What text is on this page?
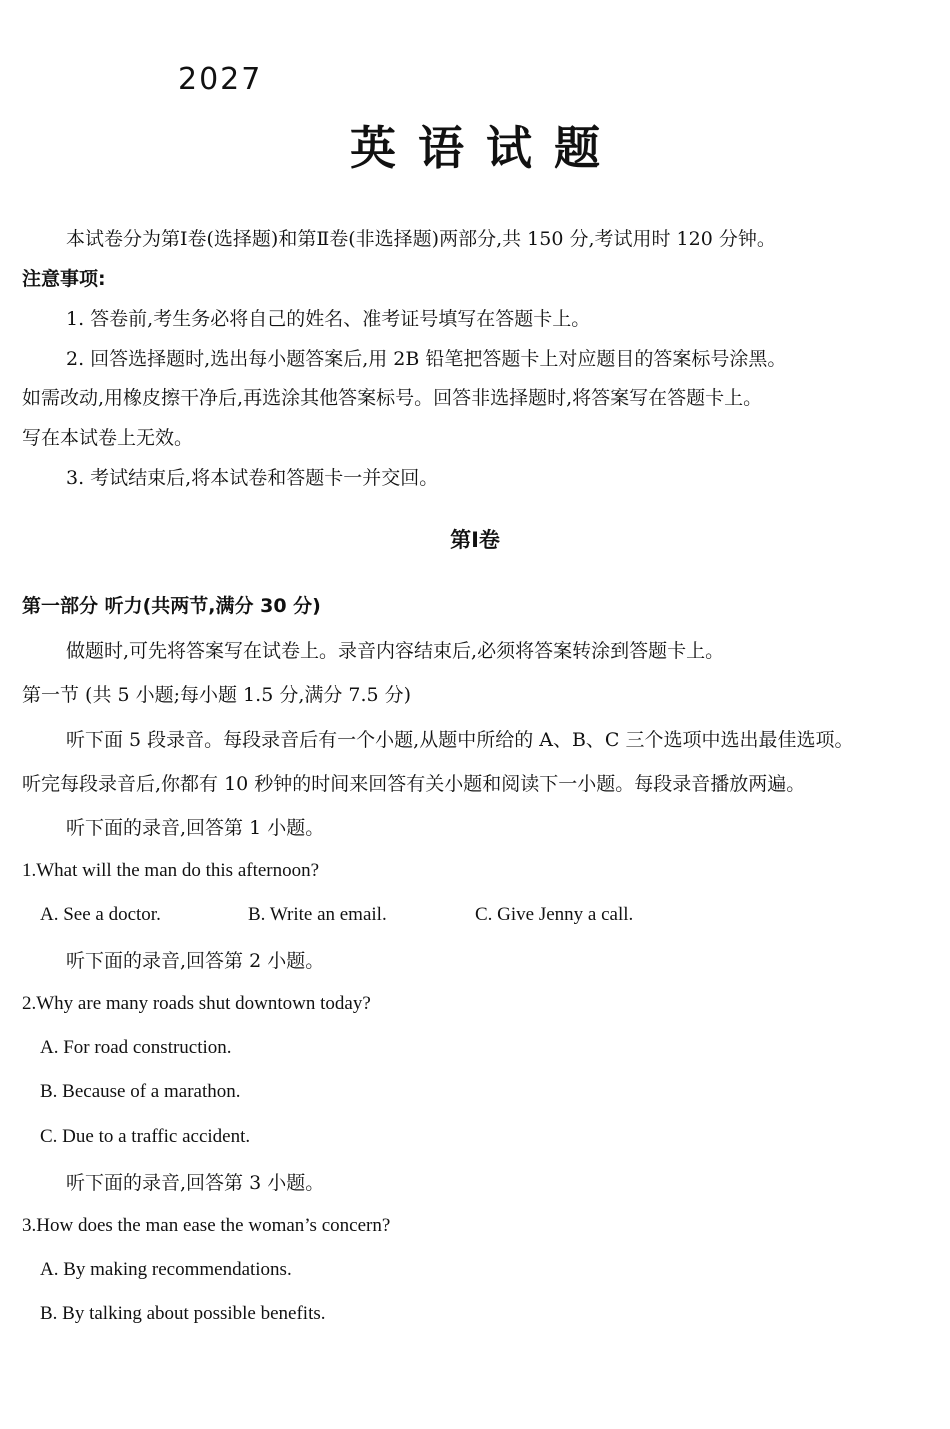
2027
英语试题
本试卷分为第Ⅰ卷(选择题)和第Ⅱ卷(非选择题)两部分,共 150 分,考试用时 120 分钟。
注意事项:
1. 答卷前,考生务必将自己的姓名、准考证号填写在答题卡上。
2. 回答选择题时,选出每小题答案后,用 2B 铅笔把答题卡上对应题目的答案标号涂黑。
如需改动,用橡皮擦干净后,再选涂其他答案标号。回答非选择题时,将答案写在答题卡上。
写在本试卷上无效。
3. 考试结束后,将本试卷和答题卡一并交回。
第Ⅰ卷
第一部分 听力(共两节,满分 30 分)
做题时,可先将答案写在试卷上。录音内容结束后,必须将答案转涂到答题卡上。
第一节 (共 5 小题;每小题 1.5 分,满分 7.5 分)
听下面 5 段录音。每段录音后有一个小题,从题中所给的 A、B、C 三个选项中选出最佳选项。
听完每段录音后,你都有 10 秒钟的时间来回答有关小题和阅读下一小题。每段录音播放两遍。
听下面的录音,回答第 1 小题。
1.What will the man do this afternoon?
A. See a doctor.	B. Write an email.	C. Give Jenny a call.
听下面的录音,回答第 2 小题。
2.Why are many roads shut downtown today?
A. For road construction.
B. Because of a marathon.
C. Due to a traffic accident.
听下面的录音,回答第 3 小题。
3.How does the man ease the woman’s concern?
A. By making recommendations.
B. By talking about possible benefits.
